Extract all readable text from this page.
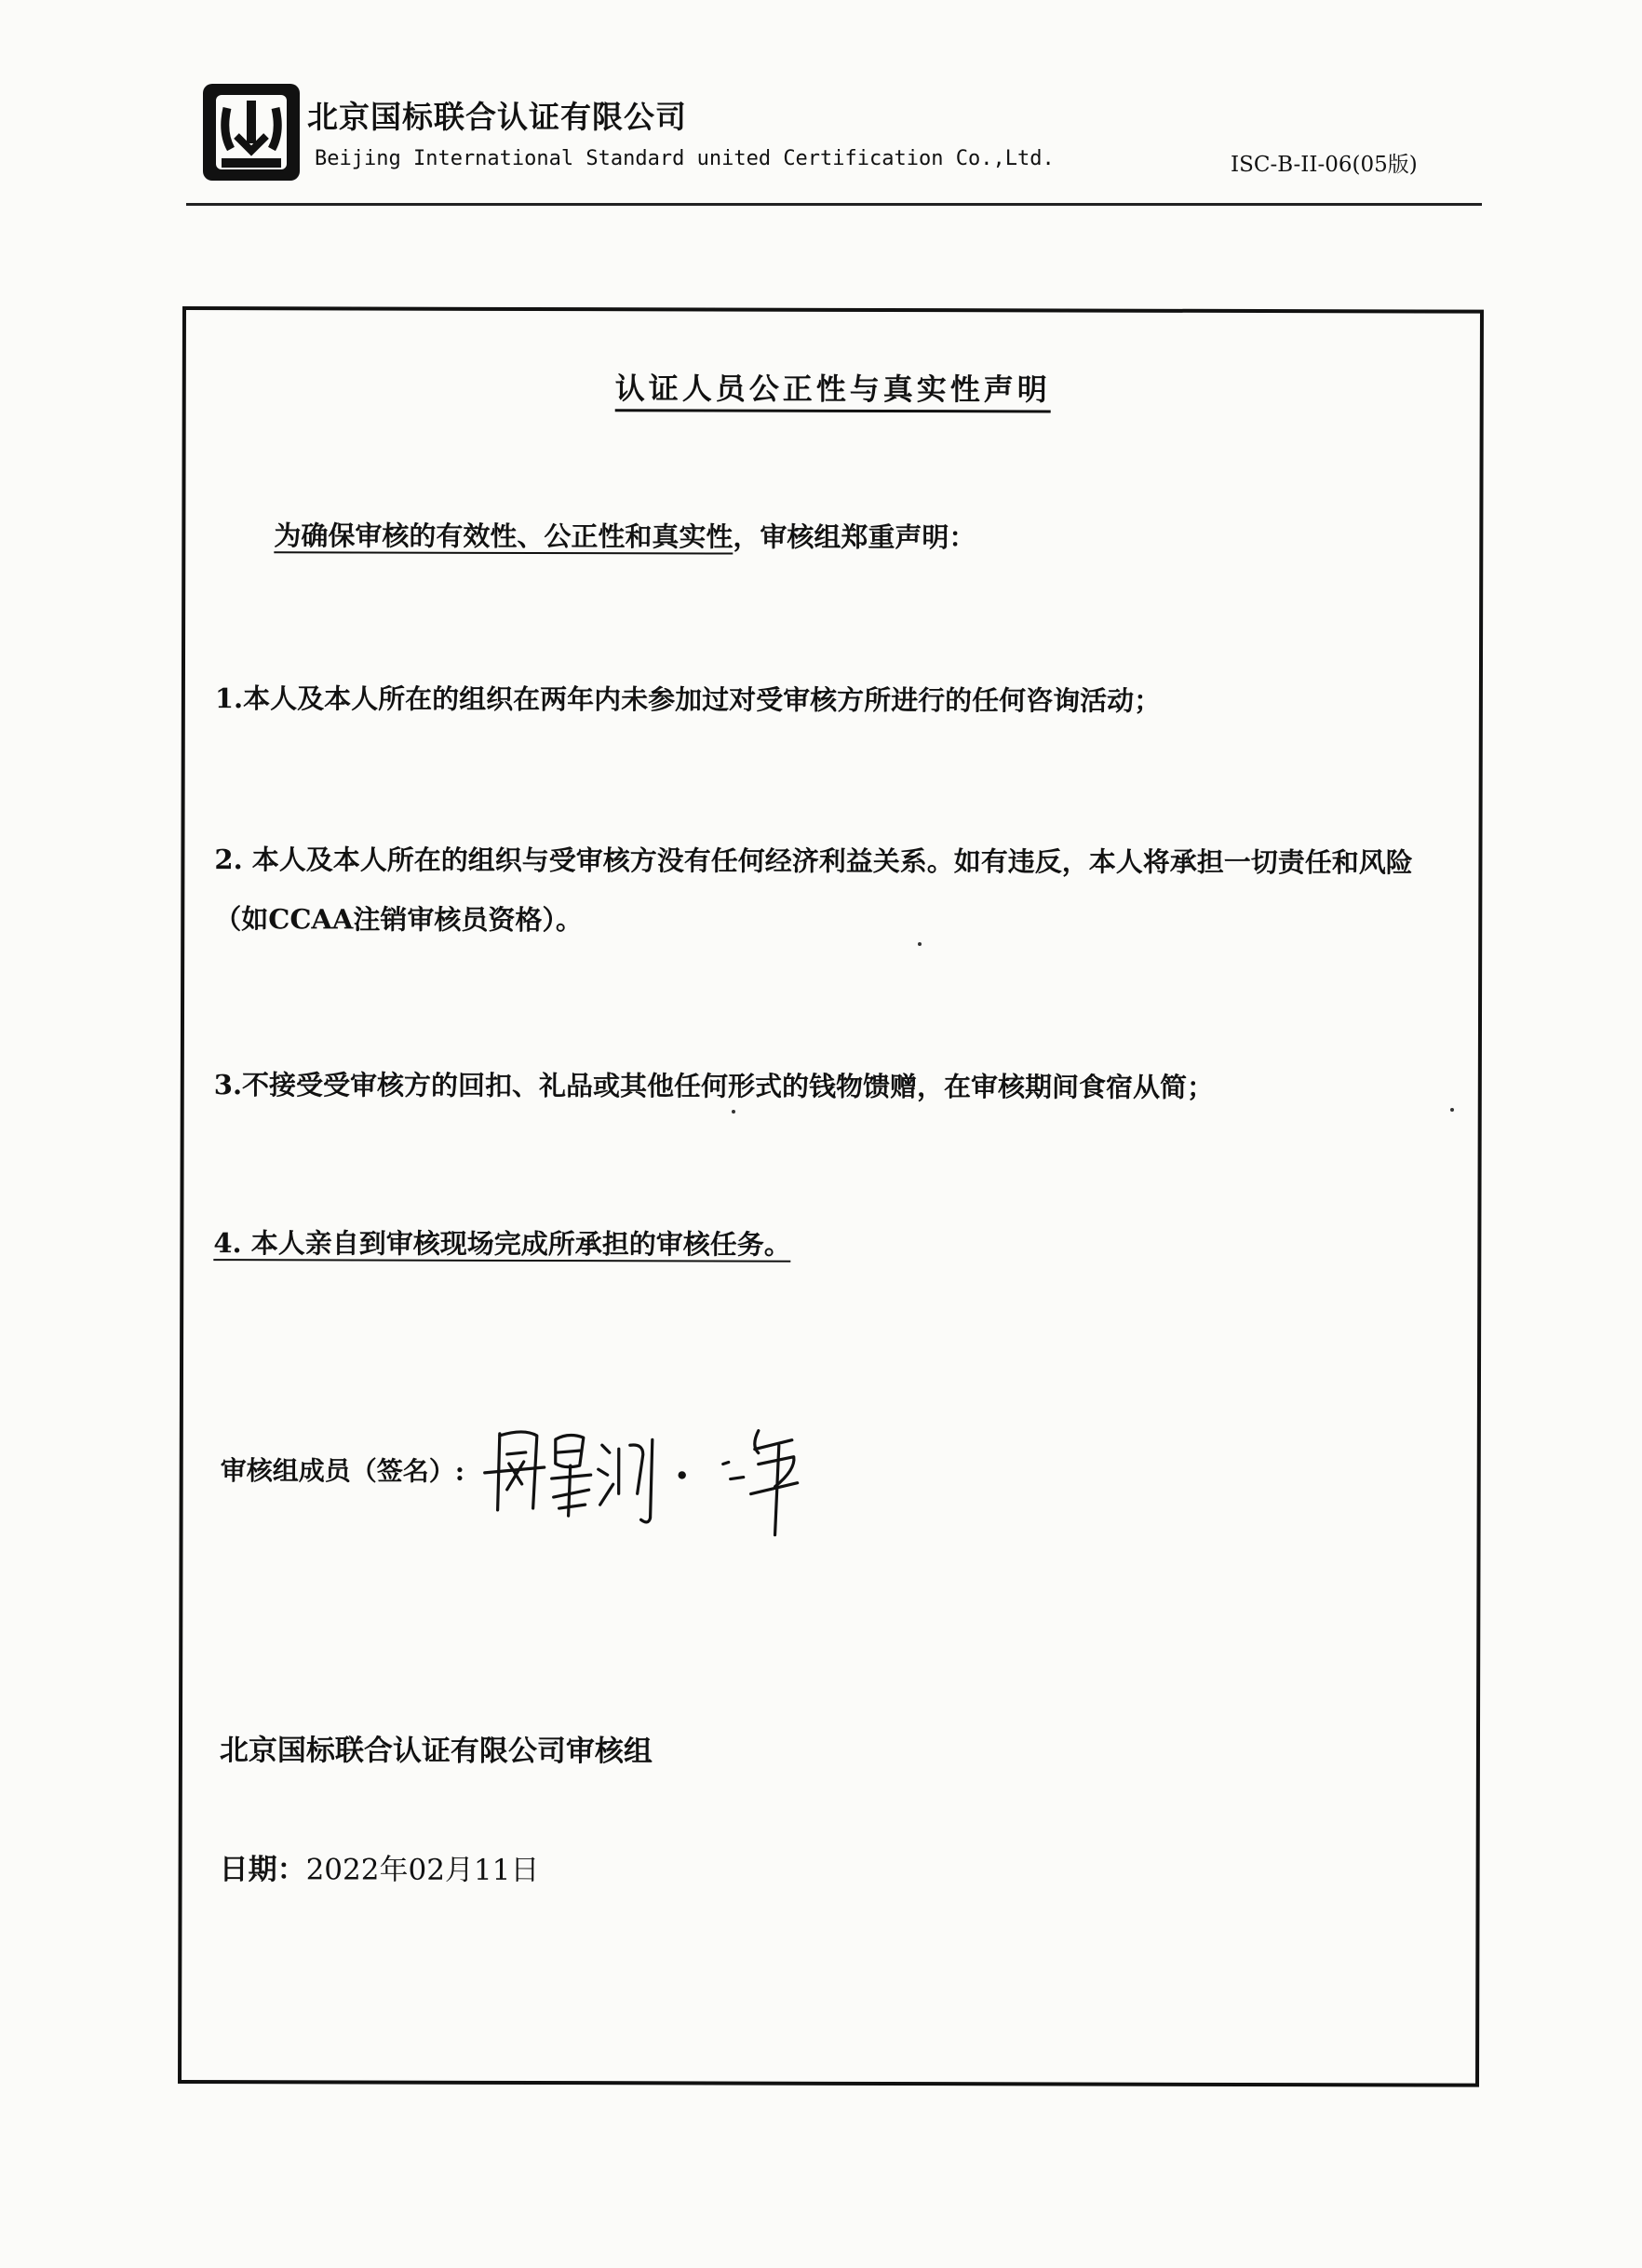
北京国标联合认证有限公司
Beijing International Standard united Certification Co.,Ltd.	ISC-B-II-06(05版)
认证人员公正性与真实性声明
为确保审核的有效性、公正性和真实性，审核组郑重声明：
1.本人及本人所在的组织在两年内未参加过对受审核方所进行的任何咨询活动；
2. 本人及本人所在的组织与受审核方没有任何经济利益关系。如有违反，本人将承担一切责任和风险（如CCAA注销审核员资格）。
3.不接受受审核方的回扣、礼品或其他任何形式的钱物馈赠，在审核期间食宿从简；
4. 本人亲自到审核现场完成所承担的审核任务。
审核组成员（签名）:
北京国标联合认证有限公司审核组
日期：2022年02月11日
